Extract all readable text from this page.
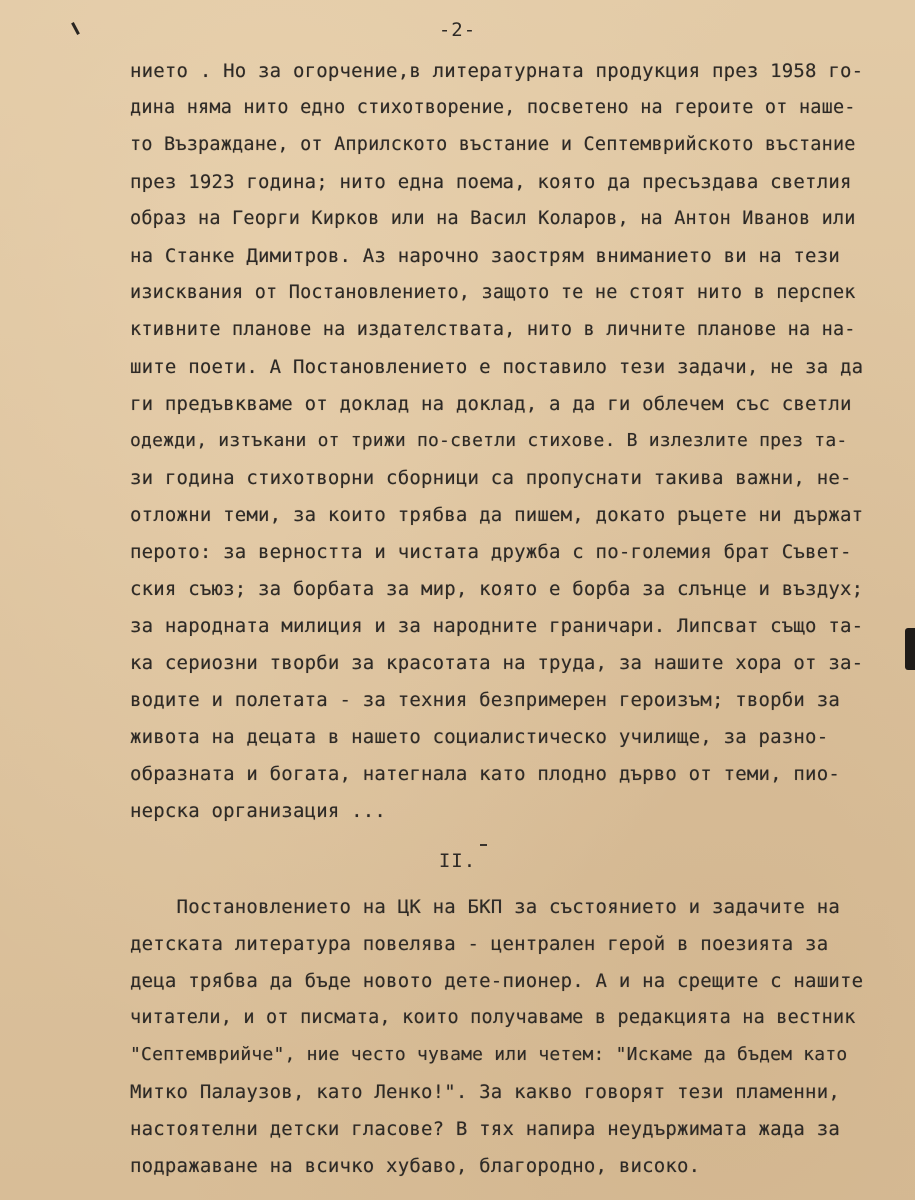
-2-
нието . Но за огорчение,в литературната продукция през 1958 го-
дина няма нито едно стихотворение, посветено на героите от наше-
то Възраждане, от Априлското въстание и Септемврийското въстание
през 1923 година; нито една поема, която да пресъздава светлия
образ на Георги Кирков или на Васил Коларов, на Антон Иванов или
на Станке Димитров. Аз нарочно заострям вниманието ви на тези
изисквания от Постановлението, защото те не стоят нито в перспек
ктивните планове на издателствата, нито в личните планове на на-
шите поети. А Постановлението е поставило тези задачи, не за да
ги предъвкваме от доклад на доклад, а да ги облечем със светли
одежди, изтъкани от трижи по-светли стихове. В излезлите през та-
зи година стихотворни сборници са пропуснати такива важни, не-
отложни теми, за които трябва да пишем, докато ръцете ни държат
перото: за верността и чистата дружба с по-големия брат Съвет-
ския съюз; за борбата за мир, която е борба за слънце и въздух;
за народната милиция и за народните граничари. Липсват също та-
ка сериозни творби за красотата на труда, за нашите хора от за-
водите и полетата - за техния безпримерен героизъм; творби за
живота на децата в нашето социалистическо училище, за разно-
образната и богата, натегнала като плодно дърво от теми, пио-
нерска организация ...
II.
Постановлението на ЦК на БКП за състоянието и задачите на
детската литература повелява - централен герой в поезията за
деца трябва да бъде новото дете-пионер. А и на срещите с нашите
читатели, и от писмата, които получаваме в редакцията на вестник
"Септемврийче", ние често чуваме или четем: "Искаме да бъдем като
Митко Палаузов, като Ленко!". За какво говорят тези пламенни,
настоятелни детски гласове? В тях напира неудържимата жада за
подражаване на всичко хубаво, благородно, високо.
